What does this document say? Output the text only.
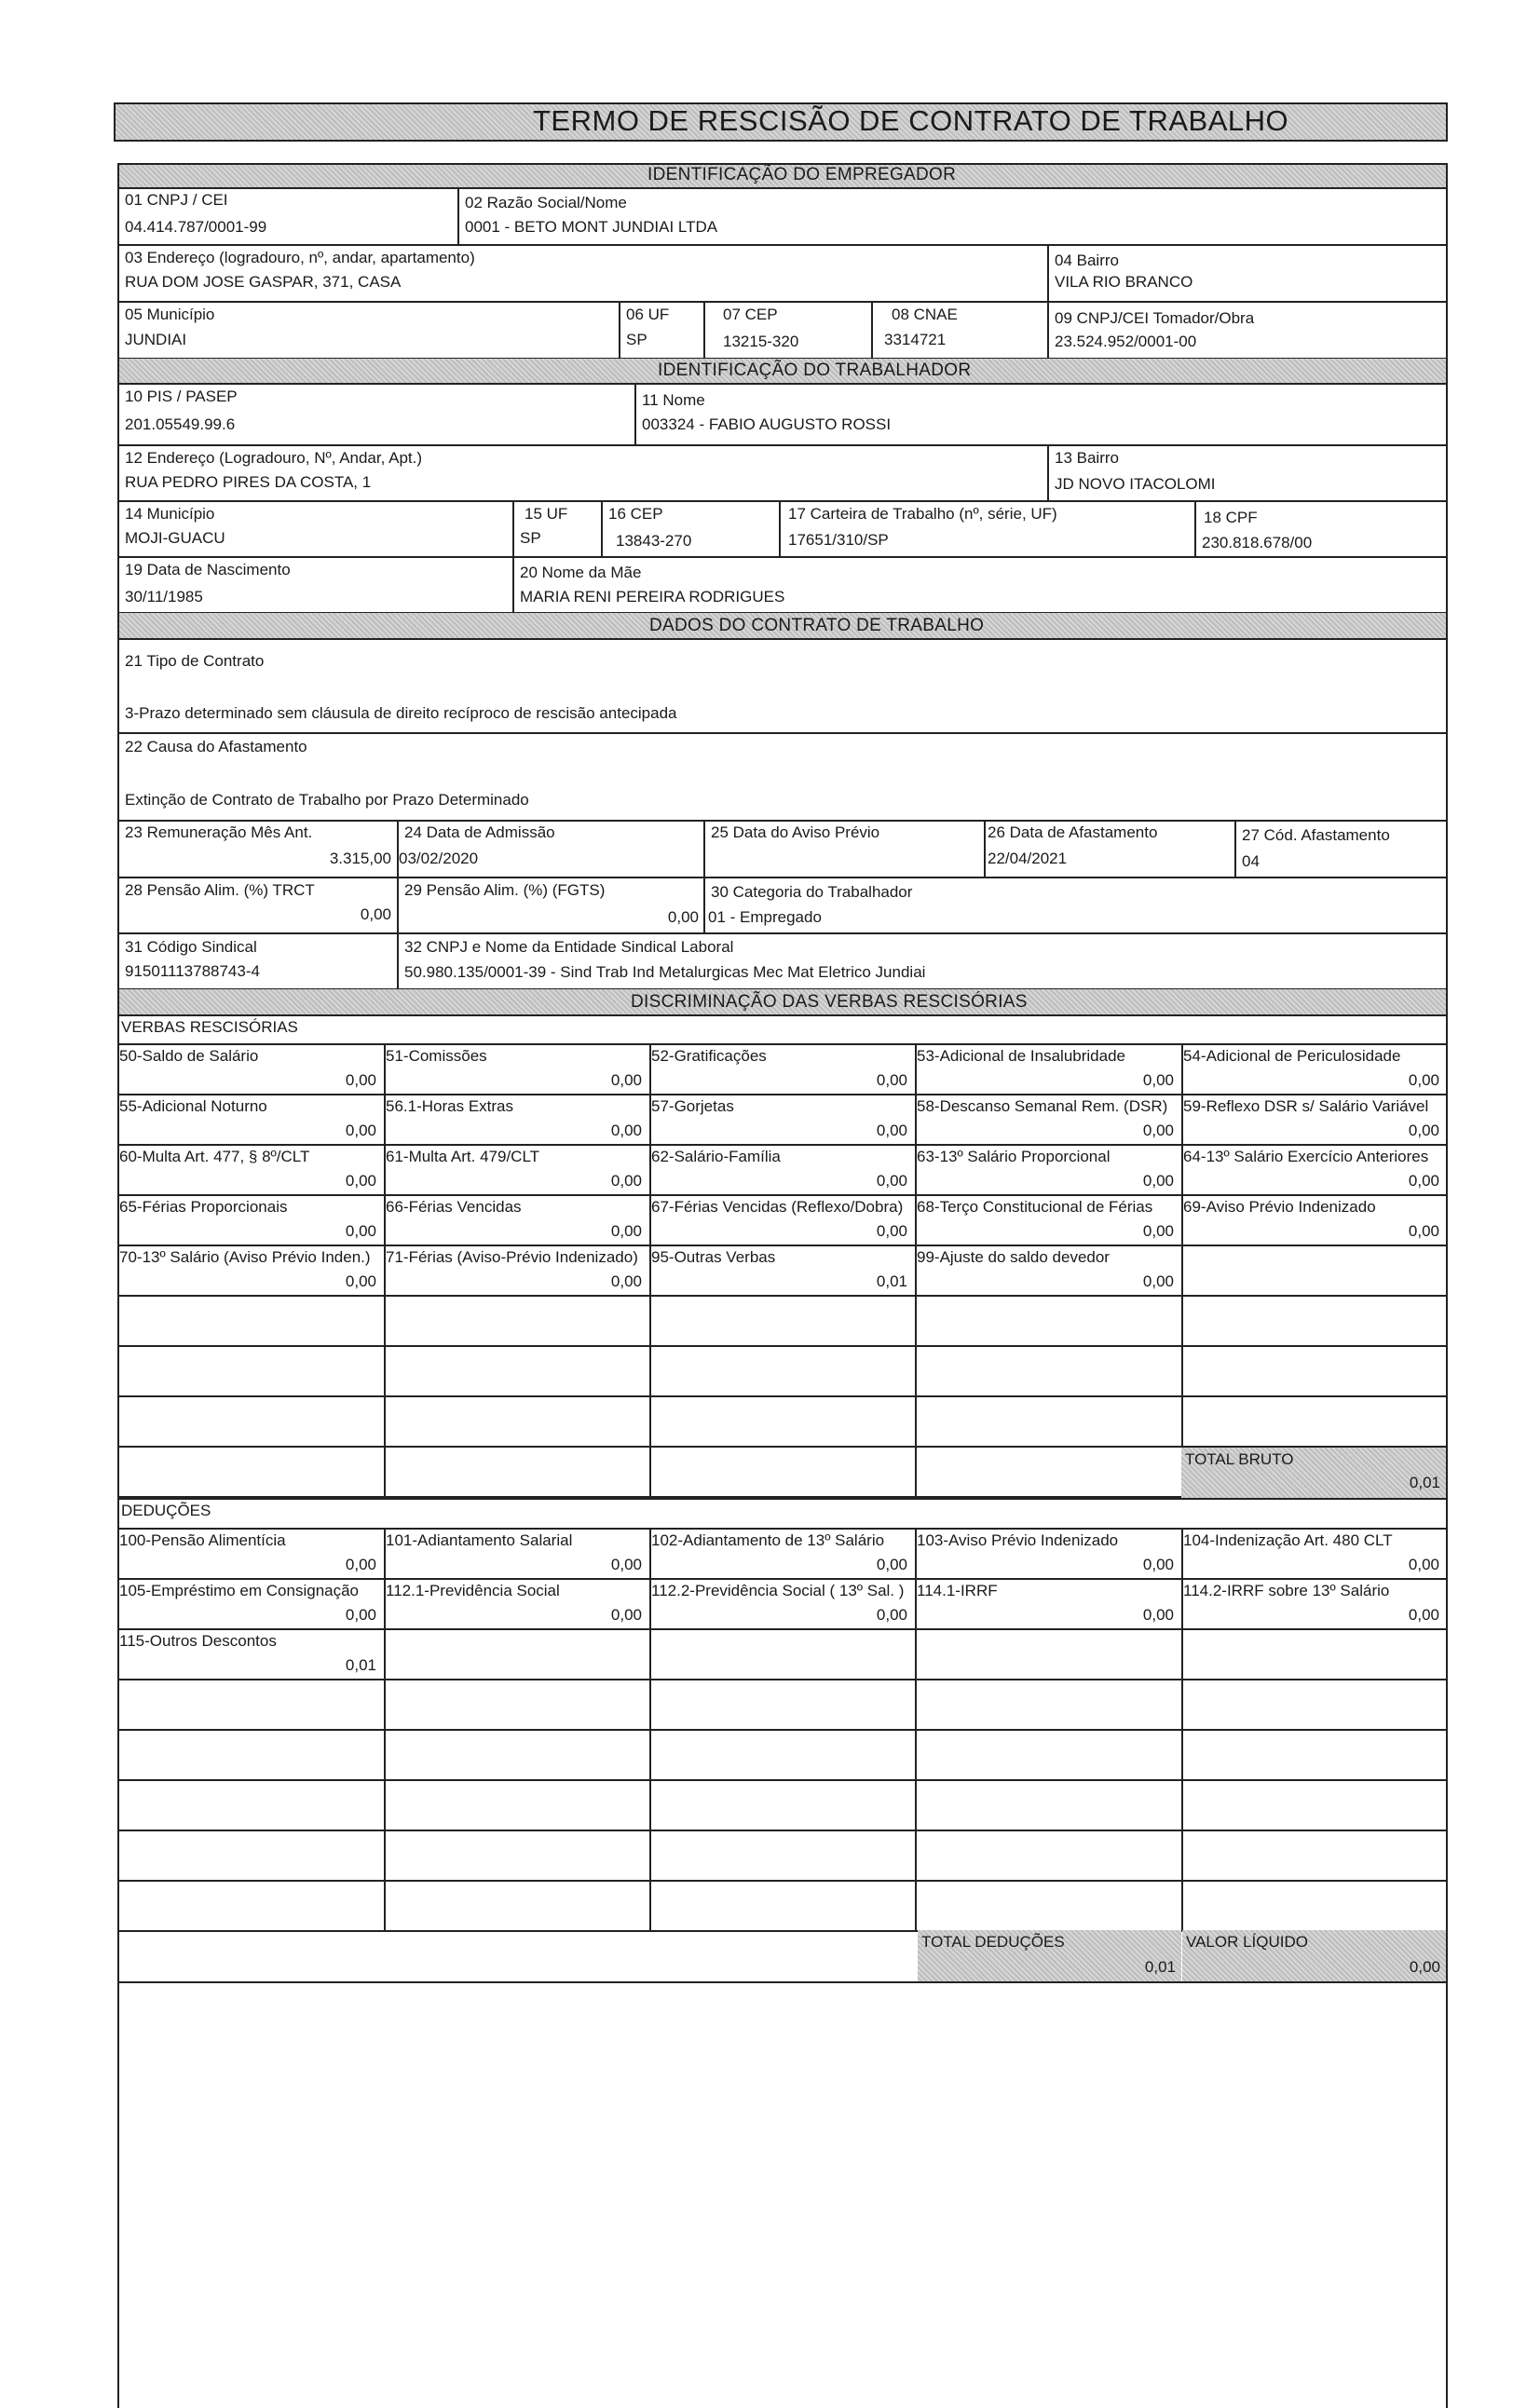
TERMO DE RESCISÃO DE CONTRATO DE TRABALHO
IDENTIFICAÇÃO DO EMPREGADOR
01 CNPJ / CEI
04.414.787/0001-99
02 Razão Social/Nome
0001 - BETO MONT JUNDIAI LTDA
03 Endereço (logradouro, nº, andar, apartamento)
RUA DOM JOSE GASPAR, 371, CASA
04 Bairro
VILA RIO BRANCO
05 Município
JUNDIAI
06 UF
SP
07 CEP
13215-320
08 CNAE
3314721
09 CNPJ/CEI Tomador/Obra
23.524.952/0001-00
IDENTIFICAÇÃO DO TRABALHADOR
10 PIS / PASEP
201.05549.99.6
11 Nome
003324 - FABIO AUGUSTO ROSSI
12 Endereço (Logradouro, Nº, Andar, Apt.)
RUA PEDRO PIRES DA COSTA, 1
13 Bairro
JD NOVO ITACOLOMI
14 Município
MOJI-GUACU
15 UF
SP
16 CEP
13843-270
17 Carteira de Trabalho (nº, série, UF)
17651/310/SP
18 CPF
230.818.678/00
19 Data de Nascimento
30/11/1985
20 Nome da Mãe
MARIA RENI PEREIRA RODRIGUES
DADOS DO CONTRATO DE TRABALHO
21 Tipo de Contrato
3-Prazo determinado sem cláusula de direito recíproco de rescisão antecipada
22 Causa do Afastamento
Extinção de Contrato de Trabalho por Prazo Determinado
23 Remuneração Mês Ant.
3.315,00
24 Data de Admissão
03/02/2020
25 Data do Aviso Prévio	26 Data de Afastamento
22/04/2021
27 Cód. Afastamento
04
28 Pensão Alim. (%) TRCT
0,00
29 Pensão Alim. (%) (FGTS)
0,00
30 Categoria do Trabalhador
01 - Empregado
31 Código Sindical
91501113788743-4
32 CNPJ e Nome da Entidade Sindical Laboral
50.980.135/0001-39 - Sind Trab Ind Metalurgicas Mec Mat Eletrico Jundiai
DISCRIMINAÇÃO DAS VERBAS RESCISÓRIAS
VERBAS RESCISÓRIAS
50-Saldo de Salário
0,00
51-Comissões
0,00
52-Gratificações
0,00
53-Adicional de Insalubridade
0,00
54-Adicional de Periculosidade
0,00
55-Adicional Noturno
0,00
56.1-Horas Extras
0,00
57-Gorjetas
0,00
58-Descanso Semanal Rem. (DSR)
0,00
59-Reflexo DSR s/ Salário Variável
0,00
60-Multa Art. 477, § 8º/CLT
0,00
61-Multa Art. 479/CLT
0,00
62-Salário-Família
0,00
63-13º Salário Proporcional
0,00
64-13º Salário Exercício Anteriores
0,00
65-Férias Proporcionais
0,00
66-Férias Vencidas
0,00
67-Férias Vencidas (Reflexo/Dobra)
0,00
68-Terço Constitucional de Férias
0,00
69-Aviso Prévio Indenizado
0,00
70-13º Salário (Aviso Prévio Inden.)
0,00
71-Férias (Aviso-Prévio Indenizado)
0,00
95-Outras Verbas
0,01
99-Ajuste do saldo devedor
0,00
TOTAL BRUTO
0,01
DEDUÇÕES
100-Pensão Alimentícia
0,00
101-Adiantamento Salarial
0,00
102-Adiantamento de 13º Salário
0,00
103-Aviso Prévio Indenizado
0,00
104-Indenização Art. 480 CLT
0,00
105-Empréstimo em Consignação
0,00
112.1-Previdência Social
0,00
112.2-Previdência Social ( 13º Sal. )
0,00
114.1-IRRF
0,00
114.2-IRRF sobre 13º Salário
0,00
115-Outros Descontos
0,01
TOTAL DEDUÇÕES
0,01
VALOR LÍQUIDO
0,00
